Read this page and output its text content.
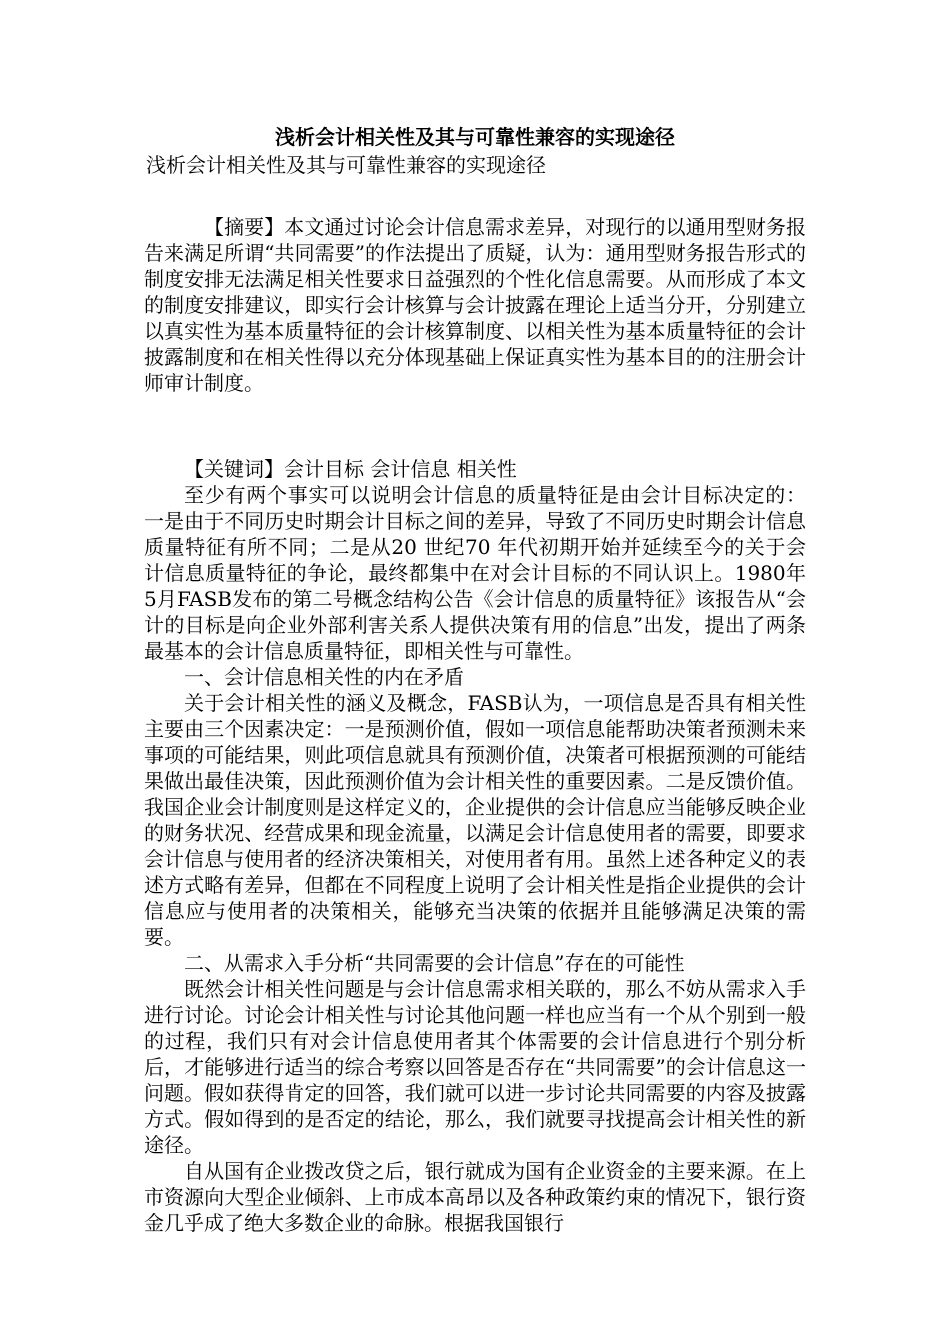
浅析会计相关性及其与可靠性兼容的实现途径
浅析会计相关性及其与可靠性兼容的实现途径

【摘要】本文通过讨论会计信息需求差异，对现行的以通用型财务报告来满足所谓“共同需要”的作法提出了质疑，认为：通用型财务报告形式的制度安排无法满足相关性要求日益强烈的个性化信息需要。从而形成了本文的制度安排建议，即实行会计核算与会计披露在理论上适当分开，分别建立以真实性为基本质量特征的会计核算制度、以相关性为基本质量特征的会计披露制度和在相关性得以充分体现基础上保证真实性为基本目的的注册会计师审计制度。

【关键词】会计目标 会计信息 相关性

至少有两个事实可以说明会计信息的质量特征是由会计目标决定的： 一是由于不同历史时期会计目标之间的差异，导致了不同历史时期会计信息质量特征有所不同；二是从20 世纪70 年代初期开始并延续至今的关于会计信息质量特征的争论，最终都集中在对会计目标的不同认识上。1980年5月FASB发布的第二号概念结构公告《会计信息的质量特征》该报告从“会计的目标是向企业外部利害关系人提供决策有用的信息”出发，提出了两条最基本的会计信息质量特征，即相关性与可靠性。

一、会计信息相关性的内在矛盾

关于会计相关性的涵义及概念，FASB认为，一项信息是否具有相关性主要由三个因素决定：一是预测价值，假如一项信息能帮助决策者预测未来事项的可能结果，则此项信息就具有预测价值，决策者可根据预测的可能结果做出最佳决策，因此预测价值为会计相关性的重要因素。二是反馈价值。我国企业会计制度则是这样定义的，企业提供的会计信息应当能够反映企业的财务状况、经营成果和现金流量，以满足会计信息使用者的需要，即要求会计信息与使用者的经济决策相关，对使用者有用。虽然上述各种定义的表述方式略有差异，但都在不同程度上说明了会计相关性是指企业提供的会计信息应与使用者的决策相关，能够充当决策的依据并且能够满足决策的需要。

二、从需求入手分析“共同需要的会计信息”存在的可能性

既然会计相关性问题是与会计信息需求相关联的，那么不妨从需求入手进行讨论。讨论会计相关性与讨论其他问题一样也应当有一个从个别到一般的过程，我们只有对会计信息使用者其个体需要的会计信息进行个别分析后，才能够进行适当的综合考察以回答是否存在“共同需要”的会计信息这一问题。假如获得肯定的回答，我们就可以进一步讨论共同需要的内容及披露方式。假如得到的是否定的结论，那么，我们就要寻找提高会计相关性的新途径。

自从国有企业拨改贷之后，银行就成为国有企业资金的主要来源。在上市资源向大型企业倾斜、上市成本高昂以及各种政策约束的情况下，银行资金几乎成了绝大多数企业的命脉。根据我国银行
